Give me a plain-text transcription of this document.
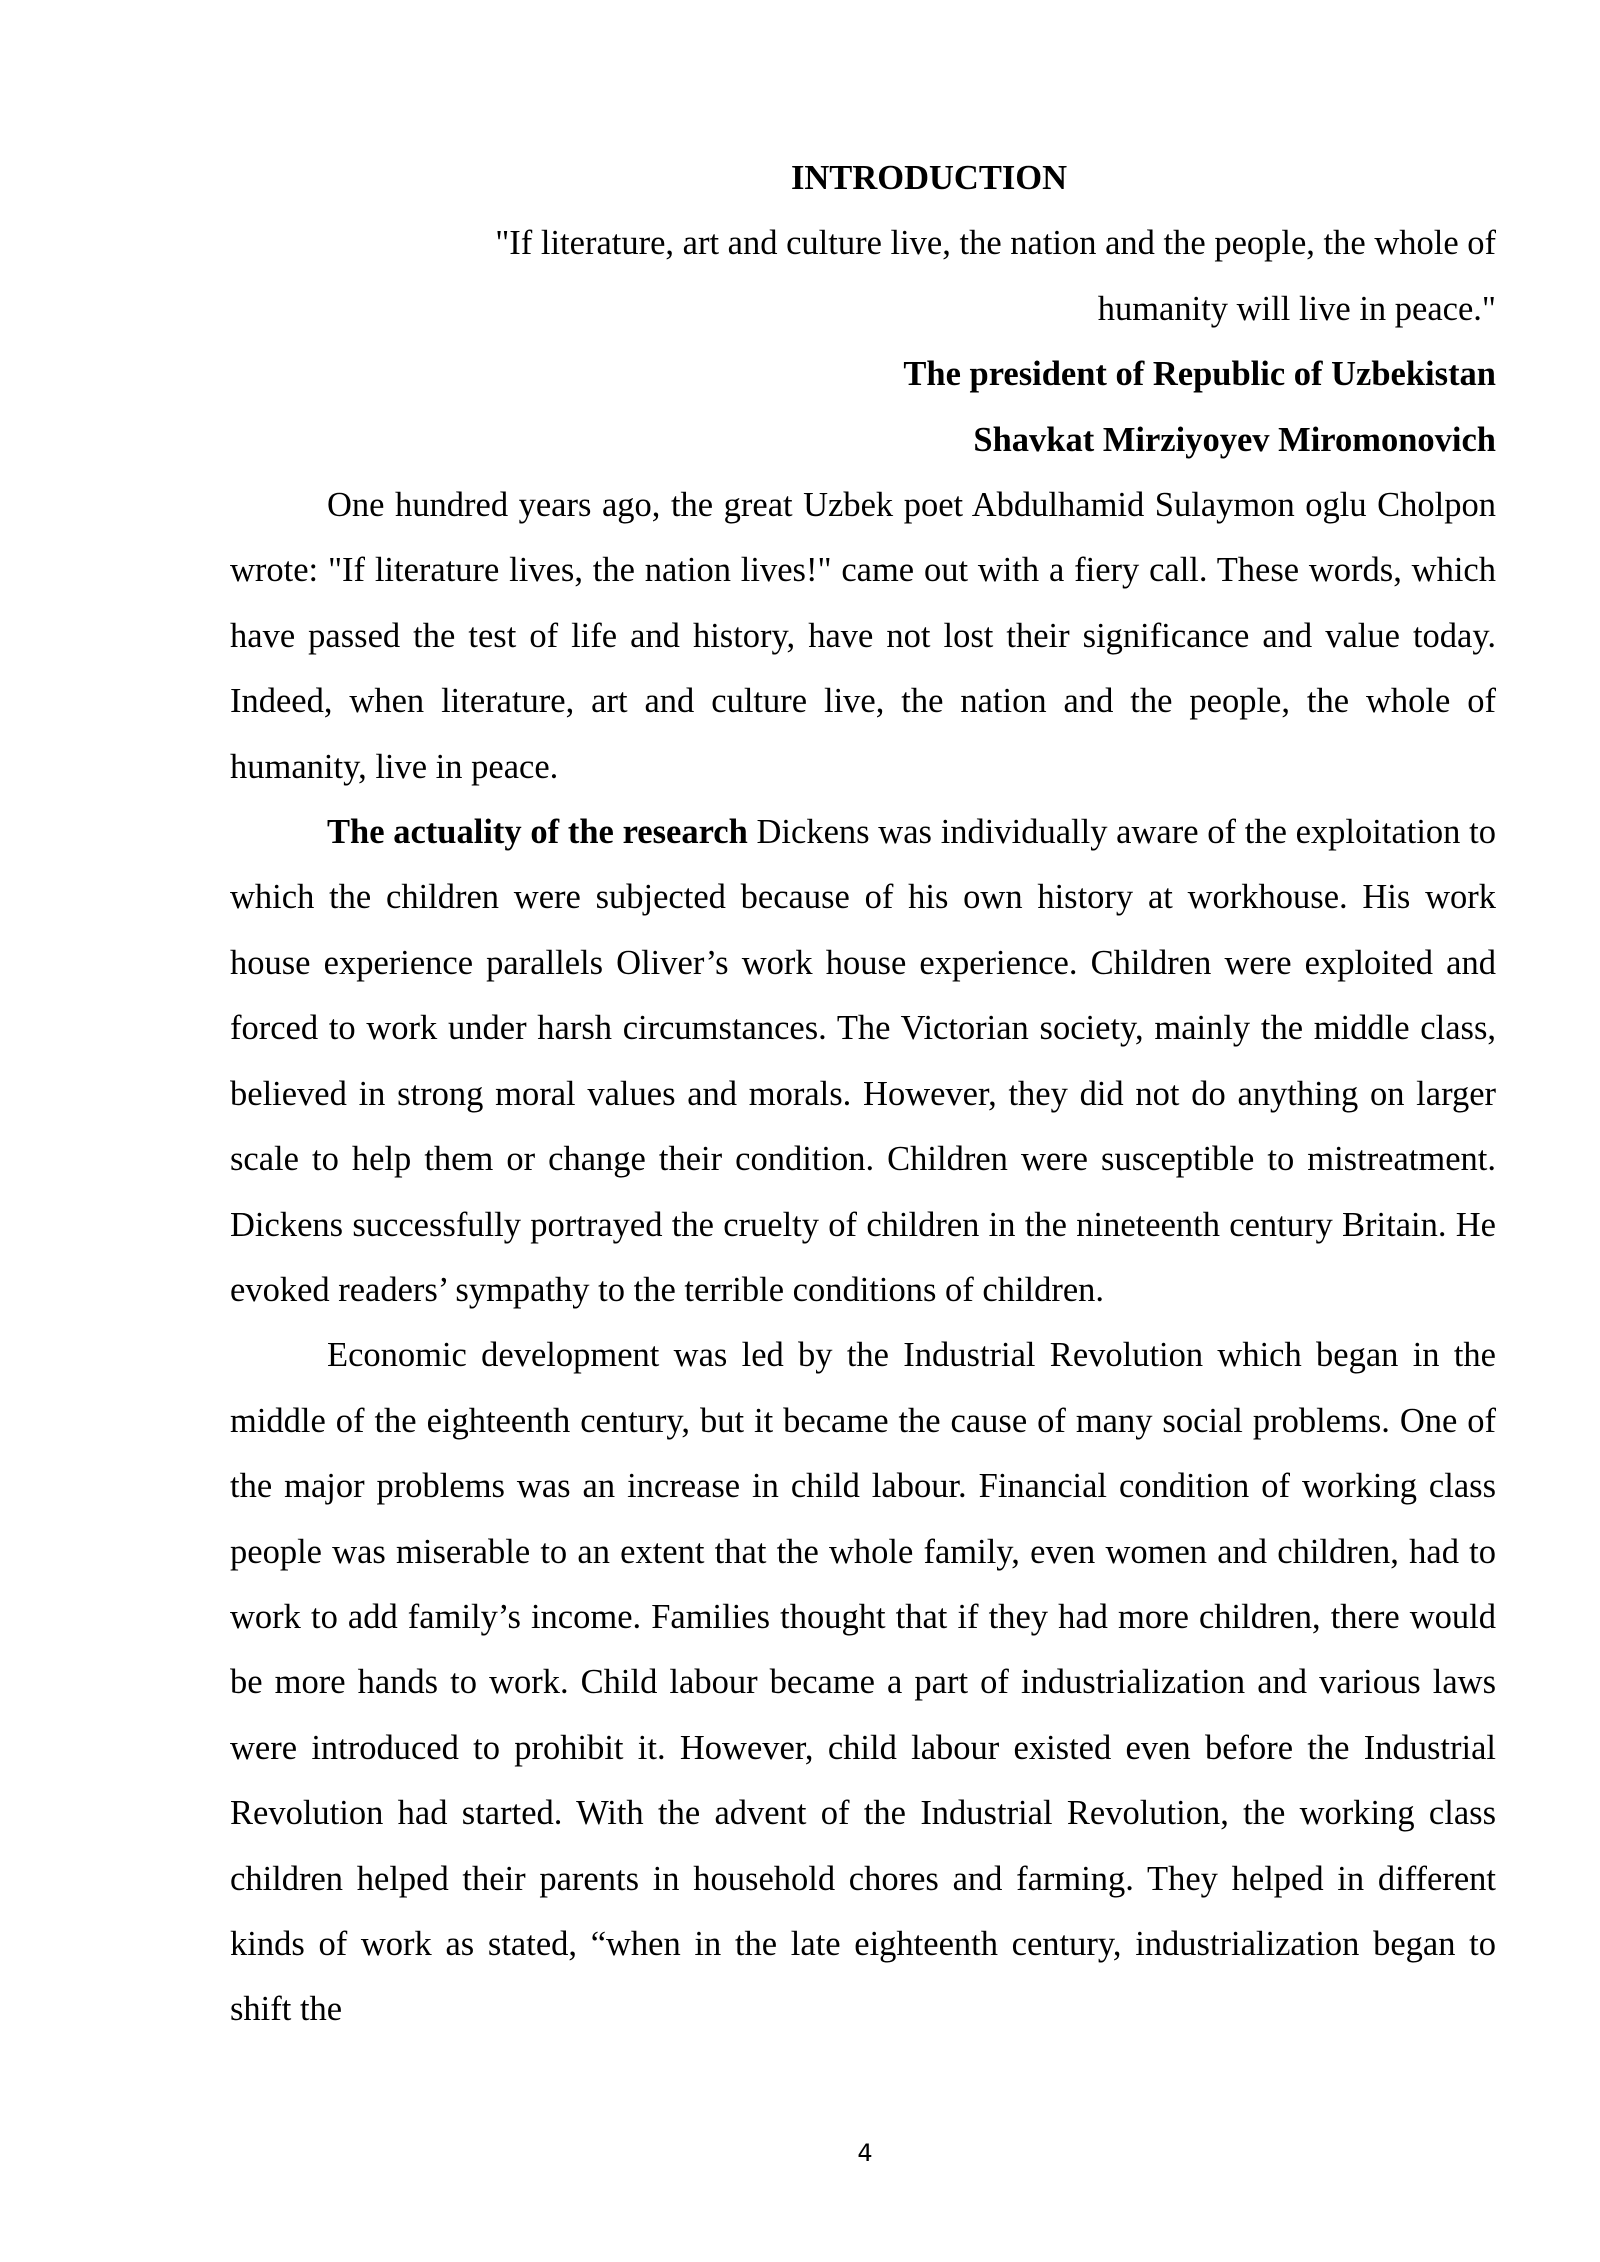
INTRODUCTION

"If literature, art and culture live, the nation and the people, the whole of humanity will live in peace."

The president of Republic of Uzbekistan

Shavkat Mirziyoyev Miromonovich

One hundred years ago, the great Uzbek poet Abdulhamid Sulaymon oglu Cholpon wrote: "If literature lives, the nation lives!" came out with a fiery call. These words, which have passed the test of life and history, have not lost their significance and value today. Indeed, when literature, art and culture live, the nation and the people, the whole of humanity, live in peace.

The actuality of the research Dickens was individually aware of the exploitation to which the children were subjected because of his own history at workhouse. His work house experience parallels Oliver’s work house experience. Children were exploited and forced to work under harsh circumstances. The Victorian society, mainly the middle class, believed in strong moral values and morals. However, they did not do anything on larger scale to help them or change their condition. Children were susceptible to mistreatment. Dickens successfully portrayed the cruelty of children in the nineteenth century Britain. He evoked readers’ sympathy to the terrible conditions of children.

Economic development was led by the Industrial Revolution which began in the middle of the eighteenth century, but it became the cause of many social problems. One of the major problems was an increase in child labour. Financial condition of working class people was miserable to an extent that the whole family, even women and children, had to work to add family’s income. Families thought that if they had more children, there would be more hands to work. Child labour became a part of industrialization and various laws were introduced to prohibit it. However, child labour existed even before the Industrial Revolution had started. With the advent of the Industrial Revolution, the working class children helped their parents in household chores and farming. They helped in different kinds of work as stated, “when in the late eighteenth century, industrialization began to shift the

4
